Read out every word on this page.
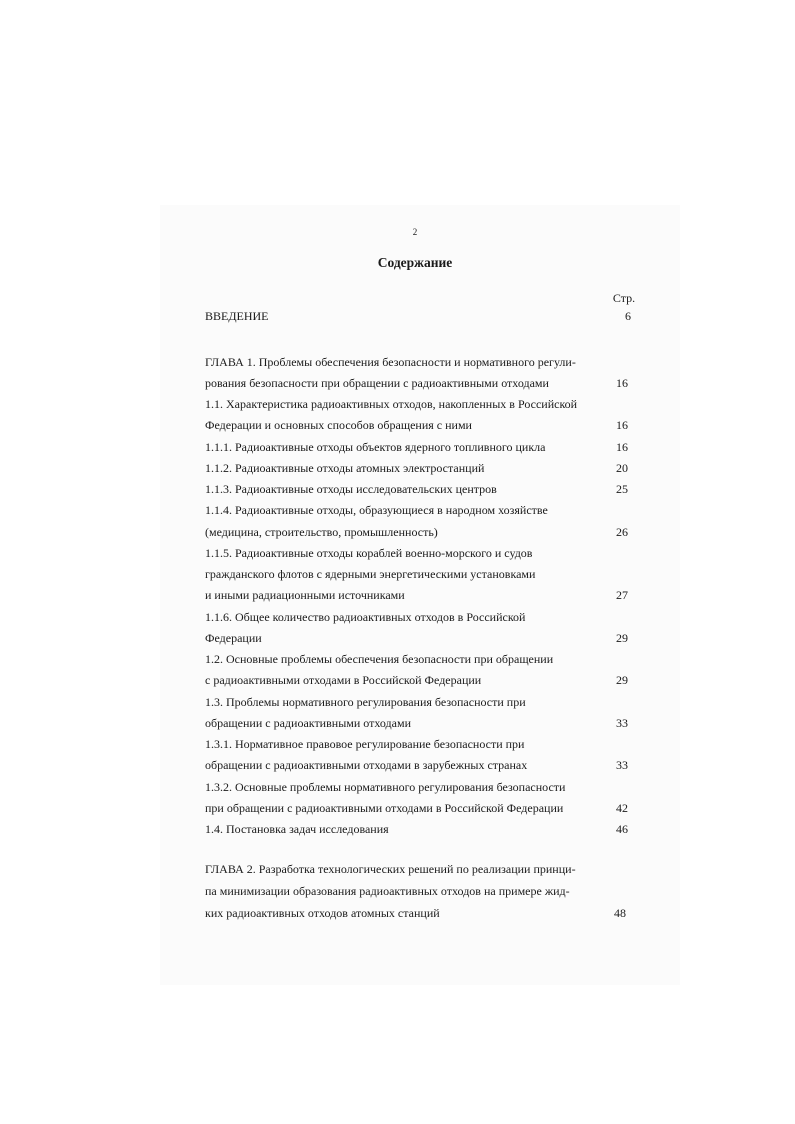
2
Содержание
Стр.
ВВЕДЕНИЕ	6
ГЛАВА 1. Проблемы обеспечения безопасности и нормативного регули-
рования безопасности при обращении с радиоактивными отходами	16
1.1. Характеристика радиоактивных отходов, накопленных в Российской
Федерации и основных способов обращения с ними	16
1.1.1. Радиоактивные отходы объектов ядерного топливного цикла	16
1.1.2. Радиоактивные отходы атомных электростанций	20
1.1.3. Радиоактивные отходы исследовательских центров	25
1.1.4. Радиоактивные отходы, образующиеся в народном хозяйстве
(медицина, строительство, промышленность)	26
1.1.5. Радиоактивные отходы кораблей военно-морского и судов
гражданского флотов с ядерными энергетическими установками
и иными радиационными источниками	27
1.1.6. Общее количество радиоактивных отходов в Российской
Федерации	29
1.2. Основные проблемы обеспечения безопасности при обращении
с радиоактивными отходами в Российской Федерации	29
1.3. Проблемы нормативного регулирования безопасности при
обращении с радиоактивными отходами	33
1.3.1. Нормативное правовое регулирование безопасности при
обращении с радиоактивными отходами в зарубежных странах	33
1.3.2. Основные проблемы нормативного регулирования безопасности
при обращении с радиоактивными отходами в Российской Федерации	42
1.4. Постановка задач исследования	46
ГЛАВА 2. Разработка технологических решений по реализации принци-
па минимизации образования радиоактивных отходов на примере жид-
ких радиоактивных отходов атомных станций	48
